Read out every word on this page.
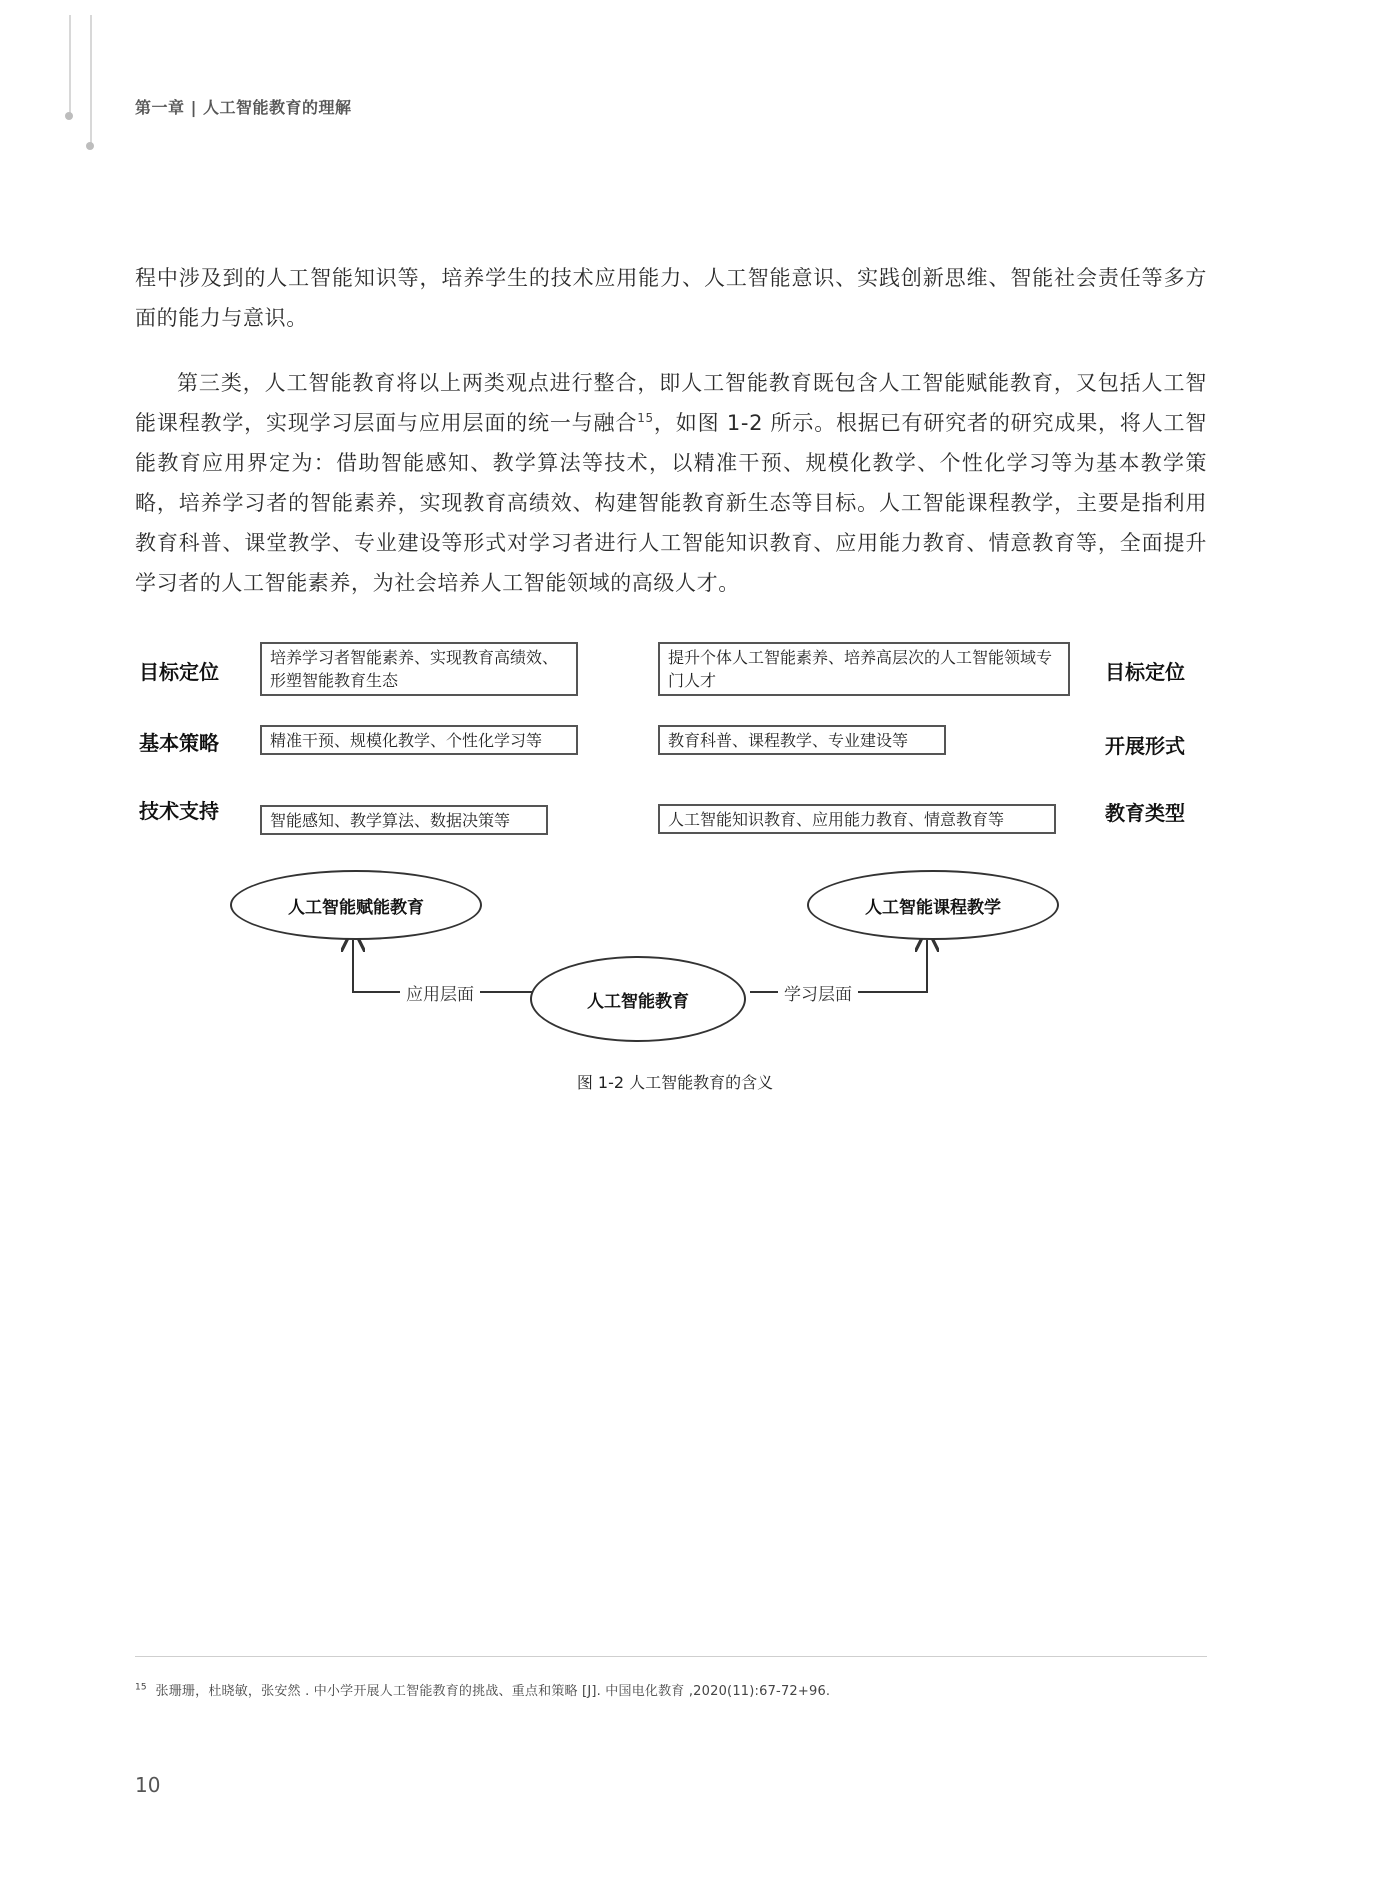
第一章 | 人工智能教育的理解

程中涉及到的人工智能知识等，培养学生的技术应用能力、人工智能意识、实践创新思维、智能社会责任等多方面的能力与意识。

第三类，人工智能教育将以上两类观点进行整合，即人工智能教育既包含人工智能赋能教育，又包括人工智能课程教学，实现学习层面与应用层面的统一与融合$^{15}$，如图 1-2 所示。根据已有研究者的研究成果，将人工智能教育应用界定为：借助智能感知、教学算法等技术，以精准干预、规模化教学、个性化学习等为基本教学策略，培养学习者的智能素养，实现教育高绩效、构建智能教育新生态等目标。人工智能课程教学，主要是指利用教育科普、课堂教学、专业建设等形式对学习者进行人工智能知识教育、应用能力教育、情意教育等，全面提升学习者的人工智能素养，为社会培养人工智能领域的高级人才。

目标定位
基本策略
技术支持
目标定位
开展形式
教育类型
培养学习者智能素养、实现教育高绩效、形塑智能教育生态
精准干预、规模化教学、个性化学习等
智能感知、教学算法、数据决策等
提升个体人工智能素养、培养高层次的人工智能领域专门人才
教育科普、课程教学、专业建设等
人工智能知识教育、应用能力教育、情意教育等
人工智能赋能教育	人工智能课程教学
人工智能教育
应用层面	学习层面
图 1-2 人工智能教育的含义
$^{15}$ 张珊珊，杜晓敏，张安然 . 中小学开展人工智能教育的挑战、重点和策略 [J]. 中国电化教育 ,2020(11):67-72+96.
10
